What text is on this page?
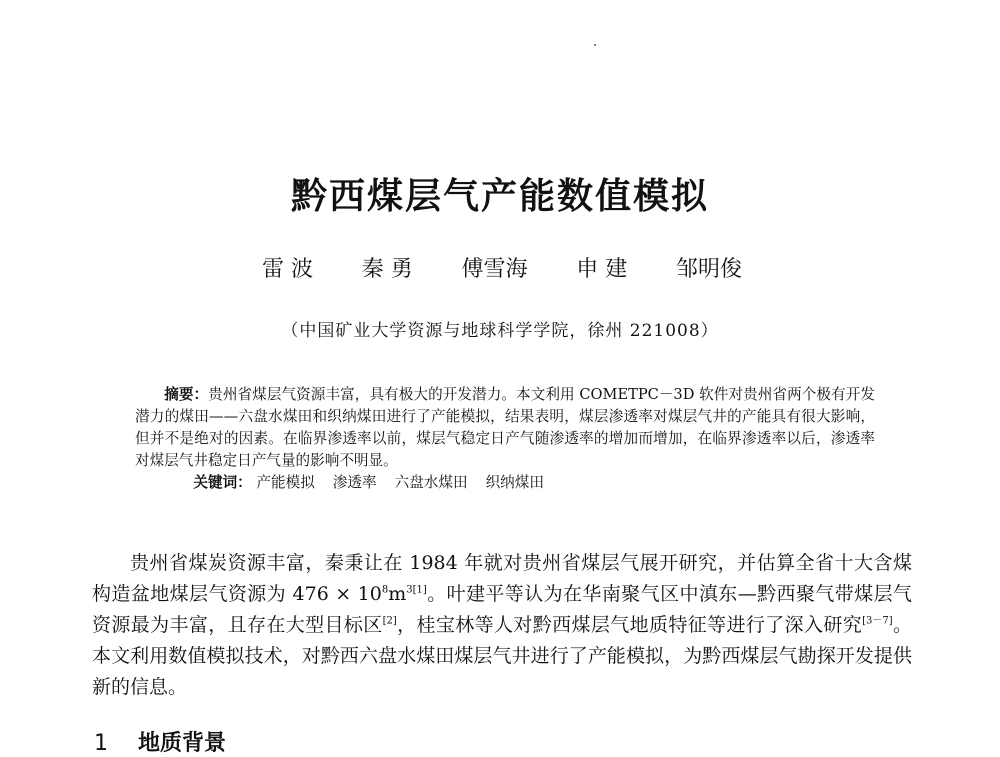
黔西煤层气产能数值模拟
雷 波 秦 勇 傅雪海 申 建 邹明俊
（中国矿业大学资源与地球科学学院，徐州 221008）

摘要：贵州省煤层气资源丰富，具有极大的开发潜力。本文利用 COMETPC－3D 软件对贵州省两个极有开发潜力的煤田——六盘水煤田和织纳煤田进行了产能模拟，结果表明，煤层渗透率对煤层气井的产能具有很大影响，但并不是绝对的因素。在临界渗透率以前，煤层气稳定日产气随渗透率的增加而增加，在临界渗透率以后，渗透率对煤层气井稳定日产气量的影响不明显。

关键词： 产能模拟 渗透率 六盘水煤田 织纳煤田

贵州省煤炭资源丰富，秦秉让在 1984 年就对贵州省煤层气展开研究，并估算全省十大含煤构造盆地煤层气资源为 $476 \times 10^8m^{3[1]}$。叶建平等认为在华南聚气区中滇东—黔西聚气带煤层气资源最为丰富，且存在大型目标区[2]，桂宝林等人对黔西煤层气地质特征等进行了深入研究[3－7]。本文利用数值模拟技术，对黔西六盘水煤田煤层气井进行了产能模拟，为黔西煤层气勘探开发提供新的信息。

1 地质背景
